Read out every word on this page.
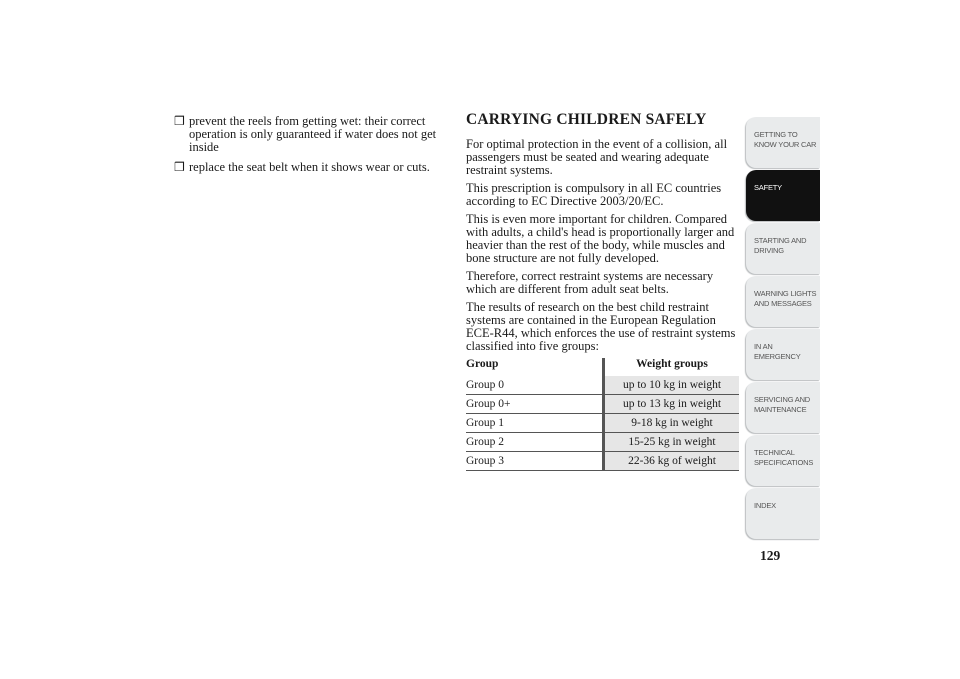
❒ prevent the reels from getting wet: their correct operation is only guaranteed if water does not get inside
❒ replace the seat belt when it shows wear or cuts.
CARRYING CHILDREN SAFELY

For optimal protection in the event of a collision, all passengers must be seated and wearing adequate restraint systems.

This prescription is compulsory in all EC countries according to EC Directive 2003/20/EC.

This is even more important for children. Compared with adults, a child's head is proportionally larger and heavier than the rest of the body, while muscles and bone structure are not fully developed.

Therefore, correct restraint systems are necessary which are different from adult seat belts.

The results of research on the best child restraint systems are contained in the European Regulation ECE-R44, which enforces the use of restraint systems classified into five groups:

Group		Weight groups
Group 0		up to 10 kg in weight
Group 0+		up to 13 kg in weight
Group 1		9-18 kg in weight
Group 2		15-25 kg in weight
Group 3		22-36 kg of weight
GETTING TO KNOW YOUR CAR
SAFETY
STARTING AND DRIVING
WARNING LIGHTS AND MESSAGES
IN AN EMERGENCY
SERVICING AND MAINTENANCE
TECHNICAL SPECIFICATIONS
INDEX
129
